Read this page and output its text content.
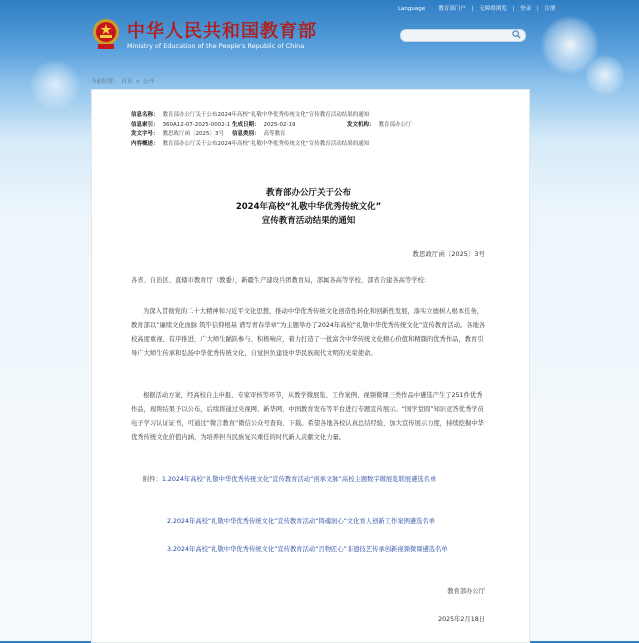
中华人民共和国教育部
Ministry of Education of the People's Republic of China
Language 教育部门户 | 无障碍浏览 | 登录 | 注册
当前位置： 首页 > 公开
信息名称： 教育部办公厅关于公布2024年高校“礼敬中华优秀传统文化”宣传教育活动结果的通知
信息索引： 360A12-07-2025-0002-1 生成日期： 2025-02-19	发文机构： 教育部办公厅
发文字号： 教思政厅函〔2025〕3号 信息类别： 高等教育
内容概述： 教育部办公厅关于公布2024年高校“礼敬中华优秀传统文化”宣传教育活动结果的通知
教育部办公厅关于公布
2024年高校“礼敬中华优秀传统文化”
宣传教育活动结果的通知
教思政厅函〔2025〕3号
各省、自治区、直辖市教育厅（教委），新疆生产建设兵团教育局，部属各高等学校、部省合建各高等学校：
为深入贯彻党的二十大精神和习近平文化思想，推动中华优秀传统文化创造性转化和创新性发展，落实立德树人根本任务，教育部以“廉续文化血脉 筑牢信仰根基 谱写青春华章”为主题举办了2024年高校“礼敬中华优秀传统文化”宣传教育活动。各地各校高度重视、有序推进，广大师生踊跃参与、积极响应，着力打造了一批富含中华传统文化精心价值和精颜的优秀作品，教育引导广大师生传承和弘扬中华优秀传统文化，自觉担负建设中华民族现代文明的光荣使命。
根据活动方案，经高校自主申报、专家审核等环节，从教学微展览、工作案例、视频微课三类作品中遴选产生了251件优秀作品，现将结果予以公布，后续将通过央视网、新华网、中国教育发布等平台进行专题宣传展示。“国学堂圆”知识竞答优秀学员电子学习认证证书，可通过“微言教育”微信公众号查询、下载。希望各地各校认真总结经验，加大宣传展示力度，持续挖掘中华优秀传统文化价值内涵，为培养担当民族复兴重任的时代新人贡献文化力量。
附件：1.2024年高校“礼敬中华优秀传统文化”宣传教育活动“创承文脉”高校主题数字微展览联展遴选名单
2.2024年高校“礼敬中华优秀传统文化”宣传教育活动“铸魂润心”文化育人创新工作案例遴选名单
3.2024年高校“礼敬中华优秀传统文化”宣传教育活动“百物匠心”非遗技艺传承创新视频微课遴选名单
教育部办公厅
2025年2月18日
